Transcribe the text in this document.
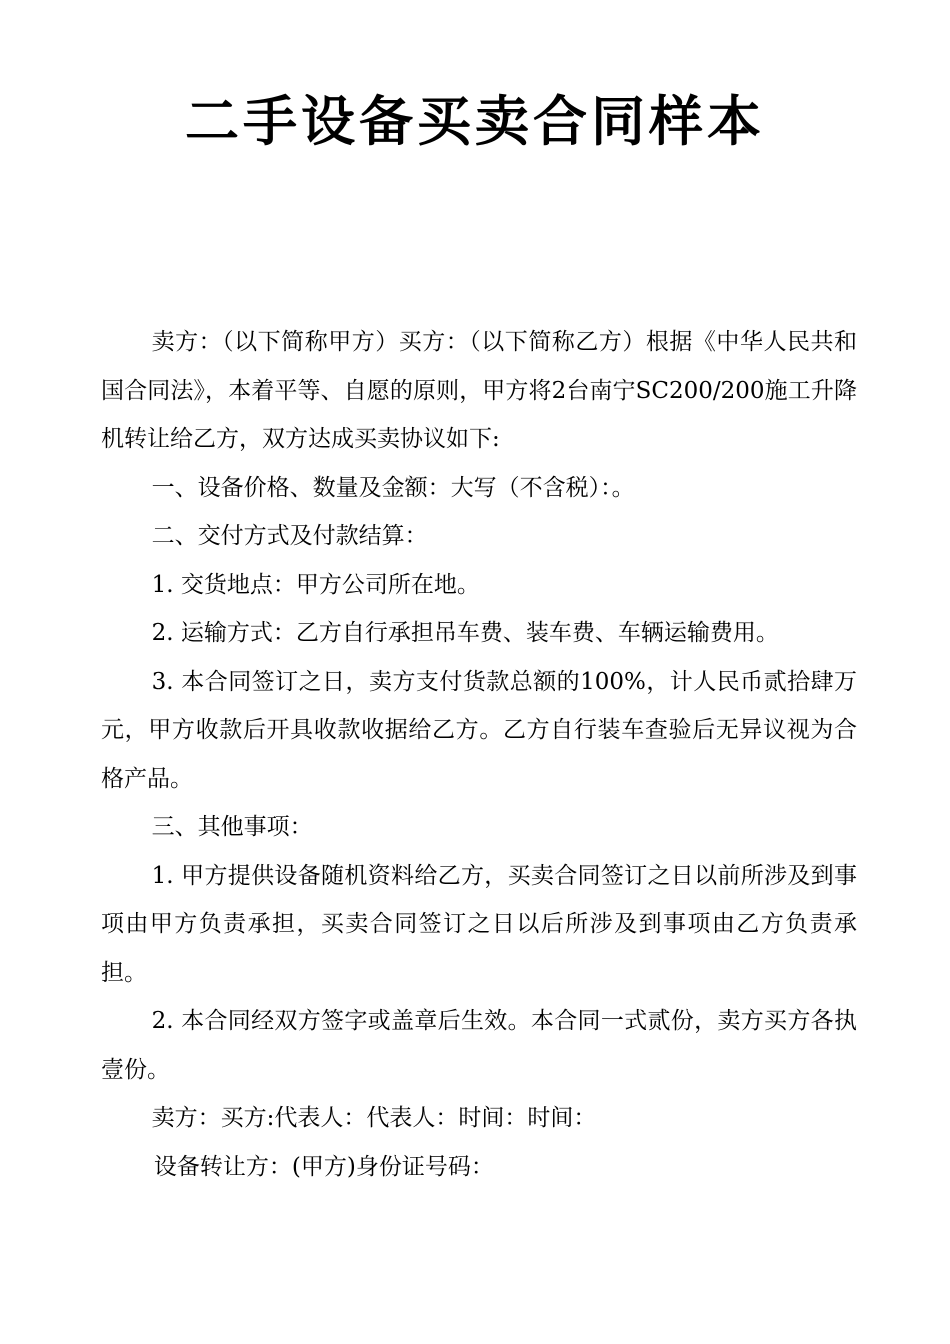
二手设备买卖合同样本

卖方：（以下简称甲方）买方：（以下简称乙方）根据《中华人民共和国合同法》，本着平等、自愿的原则，甲方将2台南宁SC200/200施工升降机转让给乙方，双方达成买卖协议如下:

一、设备价格、数量及金额：大写（不含税）：。

二、交付方式及付款结算：

1. 交货地点：甲方公司所在地。

2. 运输方式：乙方自行承担吊车费、装车费、车辆运输费用。

3. 本合同签订之日，卖方支付货款总额的100%，计人民币贰拾肆万元，甲方收款后开具收款收据给乙方。乙方自行装车查验后无异议视为合格产品。

三、其他事项：

1. 甲方提供设备随机资料给乙方，买卖合同签订之日以前所涉及到事项由甲方负责承担，买卖合同签订之日以后所涉及到事项由乙方负责承担。

2. 本合同经双方签字或盖章后生效。本合同一式贰份，卖方买方各执壹份。

卖方：买方:代表人：代表人：时间：时间：

设备转让方：(甲方)身份证号码：
